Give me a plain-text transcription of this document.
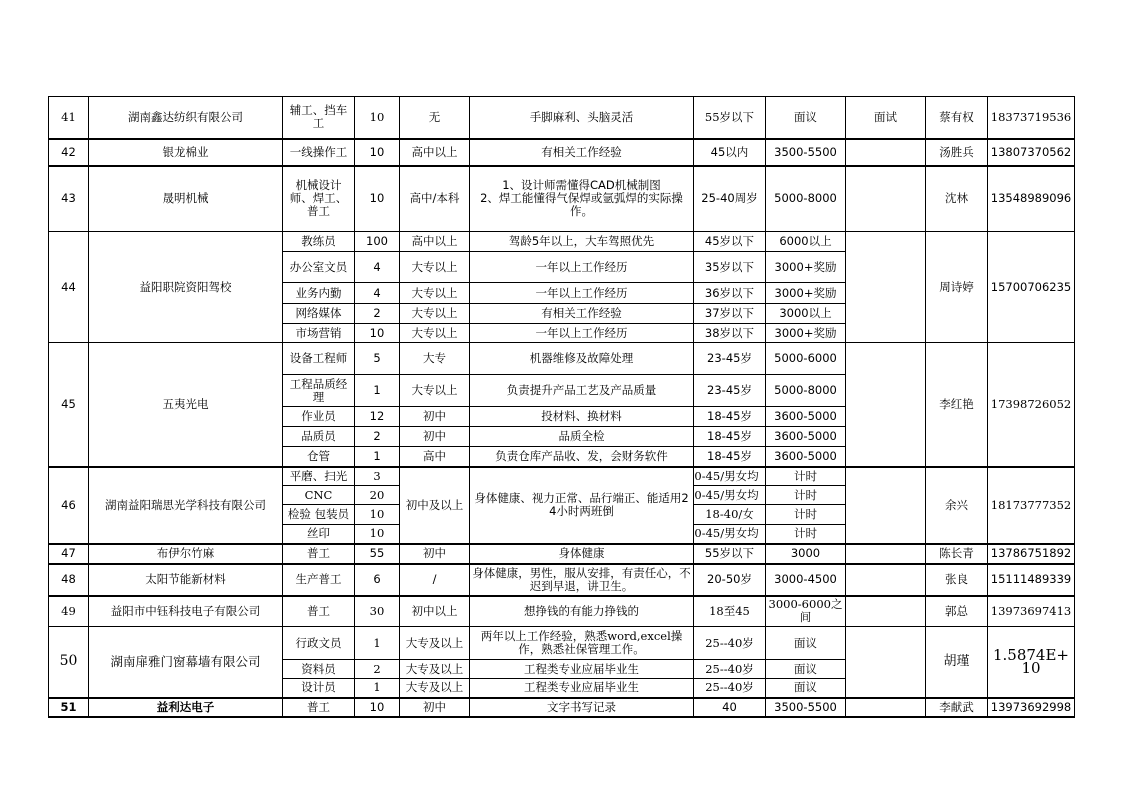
41	湖南鑫达纺织有限公司	辅工、挡车工	10	无	手脚麻利、头脑灵活	55岁以下	面议	面试	蔡有权	18373719536
42	银龙棉业	一线操作工	10	高中以上	有相关工作经验	45以内	3500-5500		汤胜兵	13807370562
43	晟明机械	机械设计师、焊工、普工	10	高中/本科	1、设计师需懂得CAD机械制图
2、焊工能懂得气保焊或氩弧焊的实际操作。	25-40周岁	5000-8000		沈林	13548989096
44	益阳职院资阳驾校	教练员	100	高中以上	驾龄5年以上，大车驾照优先	45岁以下	6000以上		周诗婷	15700706235
		办公室文员	4	大专以上	一年以上工作经历	35岁以下	3000+奖励			
		业务内勤	4	大专以上	一年以上工作经历	36岁以下	3000+奖励			
		网络媒体	2	大专以上	有相关工作经验	37岁以下	3000以上			
		市场营销	10	大专以上	一年以上工作经历	38岁以下	3000+奖励			
45	五夷光电	设备工程师	5	大专	机器维修及故障处理	23-45岁	5000-6000		李红艳	17398726052
		工程品质经理	1	大专以上	负责提升产品工艺及产品质量	23-45岁	5000-8000			
		作业员	12	初中	投材料、换材料	18-45岁	3600-5000			
		品质员	2	初中	品质全检	18-45岁	3600-5000			
		仓管	1	高中	负责仓库产品收、发，会财务软件	18-45岁	3600-5000			
46	湖南益阳瑞思光学科技有限公司	平磨、扫光	3	初中及以上	身体健康、视力正常、品行端正、能适用24小时两班倒	0-45/男女均	计时		余兴	18173777352
		CNC	20			0-45/男女均	计时			
		检验 包装员	10			18-40/女	计时			
		丝印	10			0-45/男女均	计时			
47	布伊尔竹麻	普工	55	初中	身体健康	55岁以下	3000		陈长青	13786751892
48	太阳节能新材料	生产普工	6	/	身体健康，男性，服从安排，有责任心，不迟到早退，讲卫生。	20-50岁	3000-4500		张良	15111489339
49	益阳市中钰科技电子有限公司	普工	30	初中以上	想挣钱的有能力挣钱的	18至45	3000-6000之间		郭总	13973697413
50	湖南扉雅门窗幕墙有限公司	行政文员	1	大专及以上	两年以上工作经验，熟悉word,excel操作，熟悉社保管理工作。	25--40岁	面议		胡瑾	1.5874E+10
		资料员	2	大专及以上	工程类专业应届毕业生	25--40岁	面议			
		设计员	1	大专及以上	工程类专业应届毕业生	25--40岁	面议			
51	益利达电子	普工	10	初中	文字书写记录	40	3500-5500		李献武	13973692998
